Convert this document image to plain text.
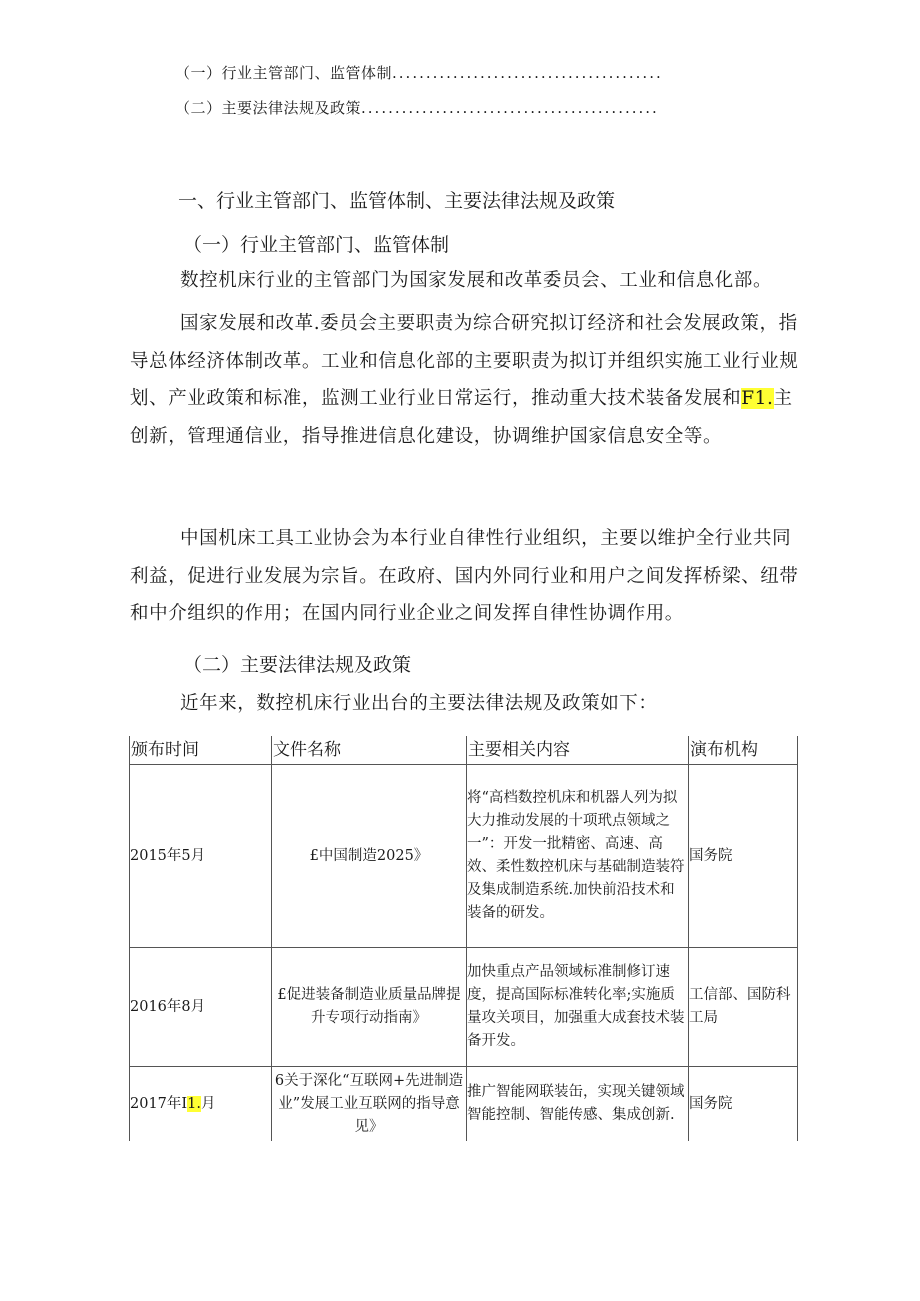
（一）行业主管部门、监管体制........................................
（二）主要法律法规及政策............................................
一、行业主管部门、监管体制、主要法律法规及政策
（一）行业主管部门、监管体制

数控机床行业的主管部门为国家发展和改革委员会、工业和信息化部。

国家发展和改革.委员会主要职责为综合研究拟订经济和社会发展政策，指导总体经济体制改革。工业和信息化部的主要职责为拟订并组织实施工业行业规划、产业政策和标准，监测工业行业日常运行，推动重大技术装备发展和F1.主创新，管理通信业，指导推进信息化建设，协调维护国家信息安全等。

中国机床工具工业协会为本行业自律性行业组织，主要以维护全行业共同利益，促进行业发展为宗旨。在政府、国内外同行业和用户之间发挥桥梁、纽带和中介组织的作用；在国内同行业企业之间发挥自律性协调作用。

（二）主要法律法规及政策

近年来，数控机床行业出台的主要法律法规及政策如下：

颁布时间	文件名称	主要相关内容	演布机构
2015年5月	£中国制造2025》	将“高档数控机床和机器人列为拟大力推动发展的十项玳点领域之一”：开发一批精密、高速、高效、柔性数控机床与基础制造装符及集成制造系统.加快前沿技术和装备的研发。	国务院
2016年8月	£促进装备制造业质量品牌提升专项行动指南》	加快重点产品领域标准制修订速度，提高国际标准转化率;实施质量攻关项目，加强重大成套技术装备开发。	工信部、国防科工局
2017年I1.月	6关于深化“互联网+先进制造业”发展工业互联网的指导意见》	推广智能网联装缶，实现关键领域智能控制、智能传感、集成创新.	国务院
